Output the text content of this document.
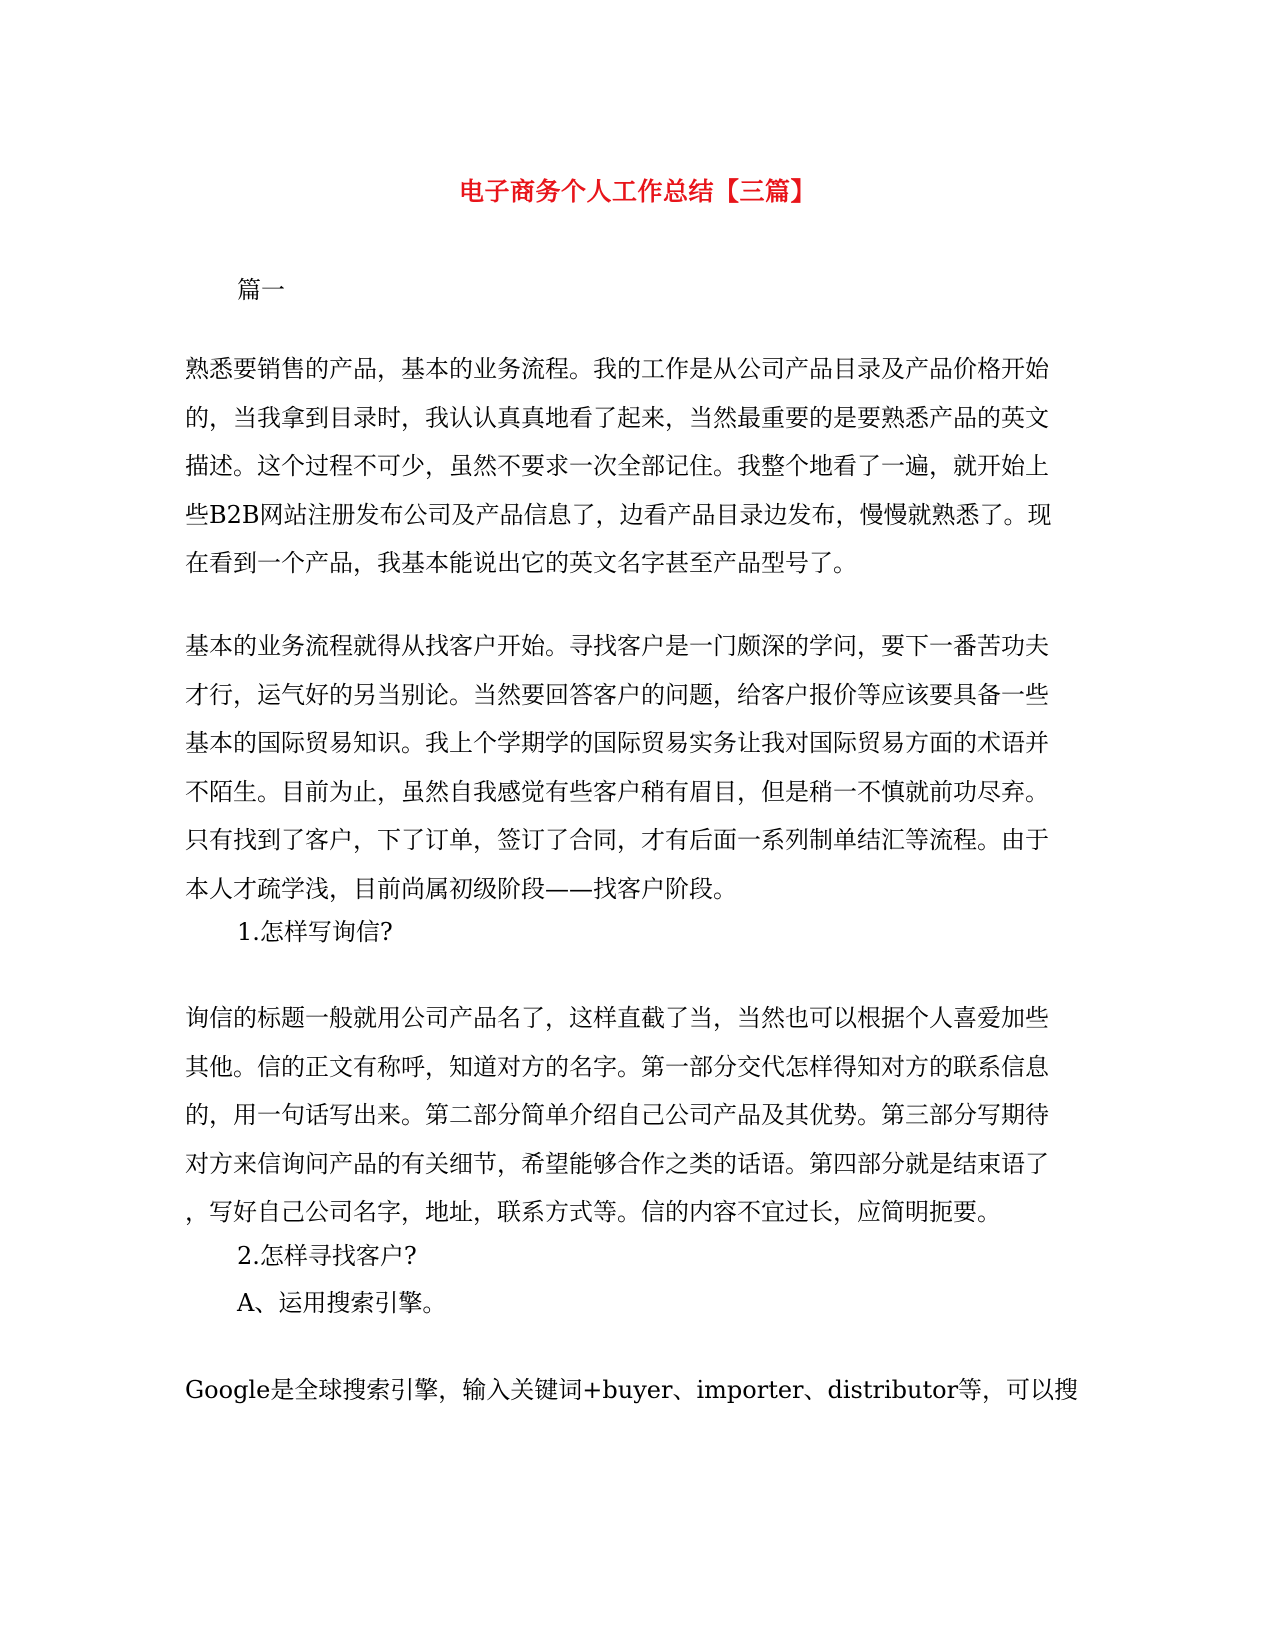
电子商务个人工作总结【三篇】
篇一

熟悉要销售的产品，基本的业务流程。我的工作是从公司产品目录及产品价格开始
的，当我拿到目录时，我认认真真地看了起来，当然最重要的是要熟悉产品的英文
描述。这个过程不可少，虽然不要求一次全部记住。我整个地看了一遍，就开始上
些B2B网站注册发布公司及产品信息了，边看产品目录边发布，慢慢就熟悉了。现
在看到一个产品，我基本能说出它的英文名字甚至产品型号了。

基本的业务流程就得从找客户开始。寻找客户是一门颇深的学问，要下一番苦功夫
才行，运气好的另当别论。当然要回答客户的问题，给客户报价等应该要具备一些
基本的国际贸易知识。我上个学期学的国际贸易实务让我对国际贸易方面的术语并
不陌生。目前为止，虽然自我感觉有些客户稍有眉目，但是稍一不慎就前功尽弃。
只有找到了客户，下了订单，签订了合同，才有后面一系列制单结汇等流程。由于
本人才疏学浅，目前尚属初级阶段——找客户阶段。

1.怎样写询信?

询信的标题一般就用公司产品名了，这样直截了当，当然也可以根据个人喜爱加些
其他。信的正文有称呼，知道对方的名字。第一部分交代怎样得知对方的联系信息
的，用一句话写出来。第二部分简单介绍自己公司产品及其优势。第三部分写期待
对方来信询问产品的有关细节，希望能够合作之类的话语。第四部分就是结束语了
，写好自己公司名字，地址，联系方式等。信的内容不宜过长，应简明扼要。

2.怎样寻找客户?
A、运用搜索引擎。

Google是全球搜索引擎，输入关键词+buyer、importer、distributor等，可以搜
